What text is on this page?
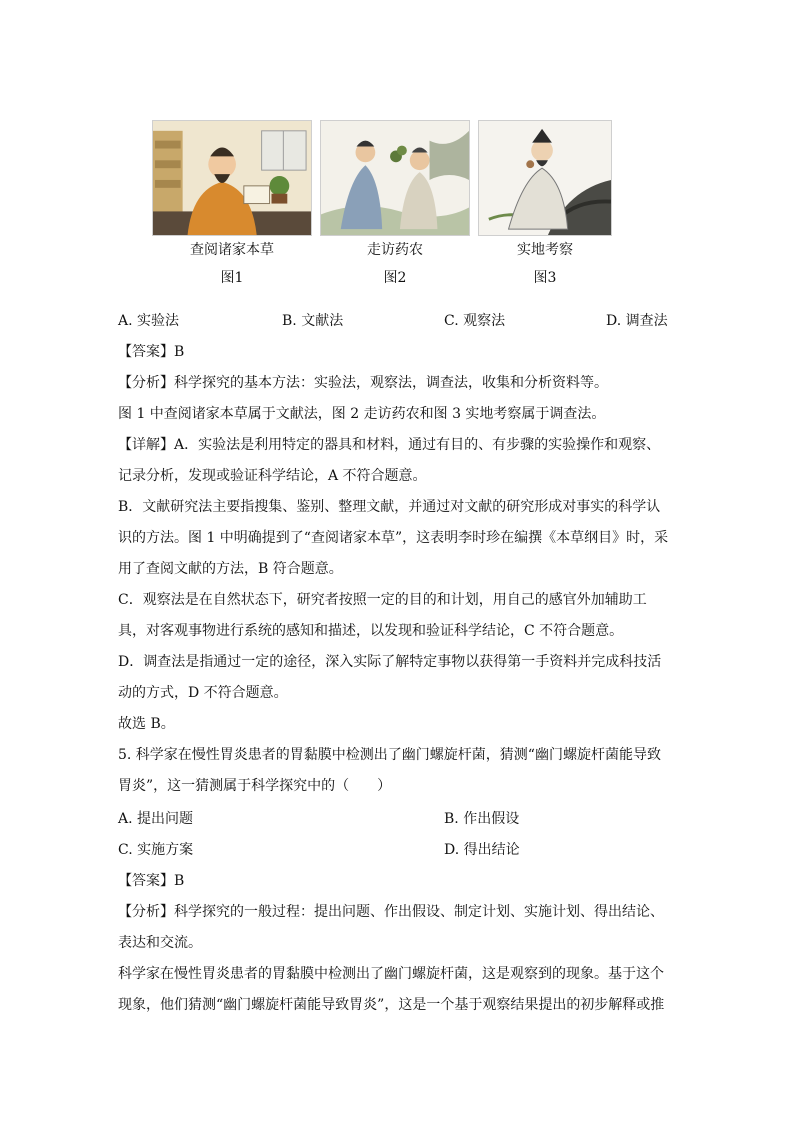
查阅诸家本草
图1
走访药农
图2
实地考察
图3
A. 实验法	B. 文献法	C. 观察法	D. 调查法
【答案】B
【分析】科学探究的基本方法：实验法，观察法，调查法，收集和分析资料等。
图 1 中查阅诸家本草属于文献法，图 2 走访药农和图 3 实地考察属于调查法。
【详解】A．实验法是利用特定的器具和材料，通过有目的、有步骤的实验操作和观察、
记录分析，发现或验证科学结论，A 不符合题意。
B．文献研究法主要指搜集、鉴别、整理文献，并通过对文献的研究形成对事实的科学认
识的方法。图 1 中明确提到了“查阅诸家本草”，这表明李时珍在编撰《本草纲目》时，采
用了查阅文献的方法，B 符合题意。
C．观察法是在自然状态下，研究者按照一定的目的和计划，用自己的感官外加辅助工
具，对客观事物进行系统的感知和描述，以发现和验证科学结论，C 不符合题意。
D．调查法是指通过一定的途径，深入实际了解特定事物以获得第一手资料并完成科技活
动的方式，D 不符合题意。
故选 B。
5. 科学家在慢性胃炎患者的胃黏膜中检测出了幽门螺旋杆菌，猜测“幽门螺旋杆菌能导致
胃炎”，这一猜测属于科学探究中的（　　）
A. 提出问题	B. 作出假设
C. 实施方案	D. 得出结论
【答案】B
【分析】科学探究的一般过程：提出问题、作出假设、制定计划、实施计划、得出结论、
表达和交流。
科学家在慢性胃炎患者的胃黏膜中检测出了幽门螺旋杆菌，这是观察到的现象。基于这个
现象，他们猜测“幽门螺旋杆菌能导致胃炎”，这是一个基于观察结果提出的初步解释或推
